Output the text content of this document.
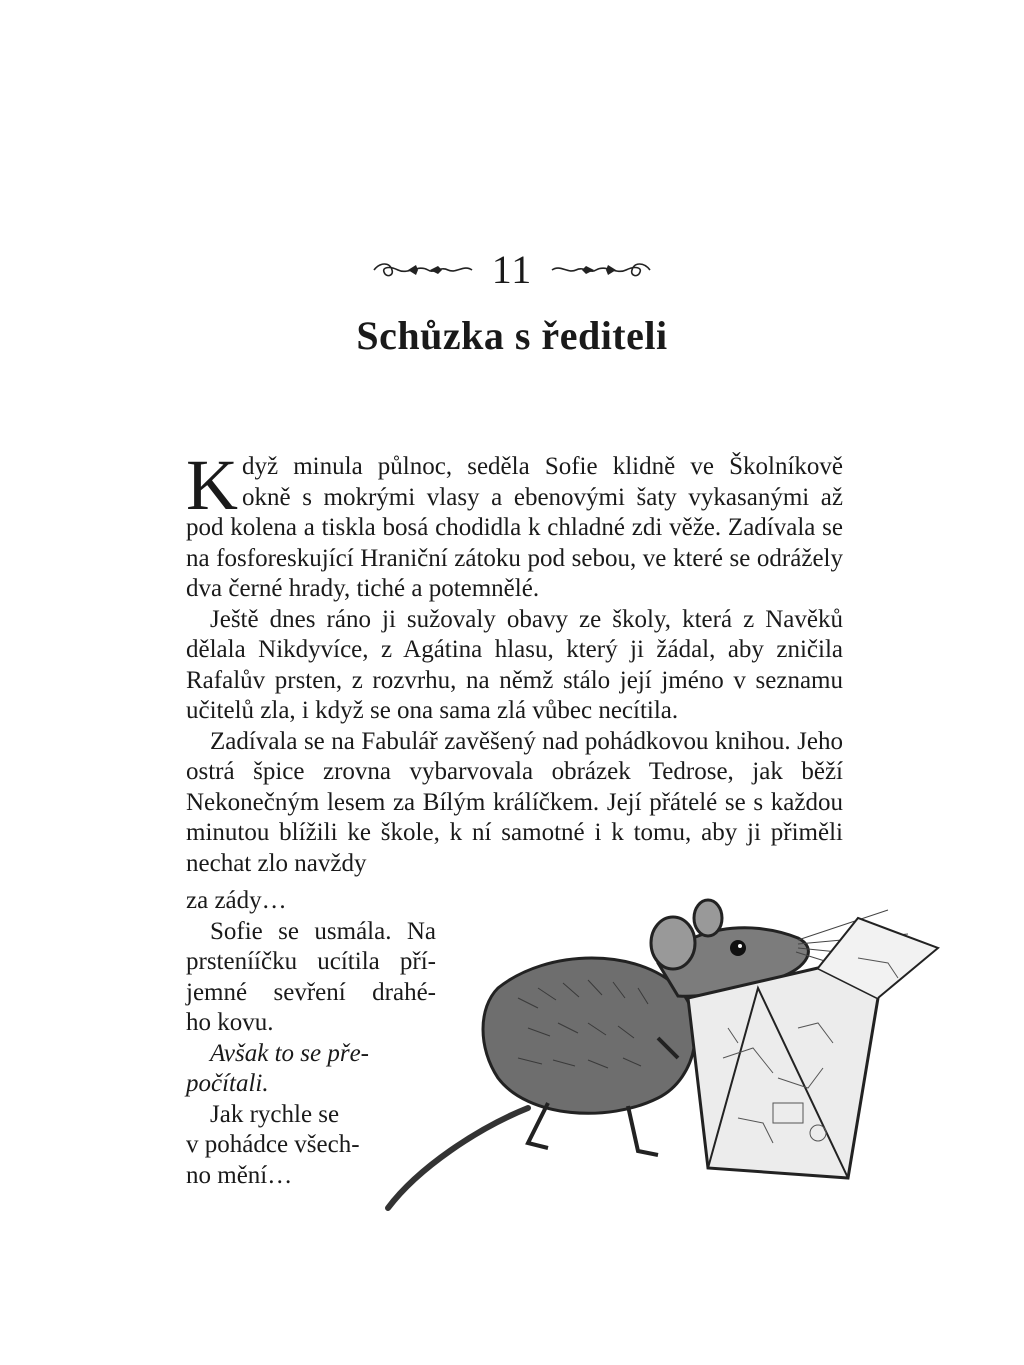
11
Schůzka s řediteli
K dyž minula půlnoc, seděla Sofie klidně ve Školníkově
okně s mokrými vlasy a ebenovými šaty vykasanými až

pod kolena a tiskla bosá chodidla k chladné zdi věže. Zadívala se na fosforeskující Hraniční zátoku pod sebou, ve které se odrážely dva černé hrady, tiché a potemnělé.

Ještě dnes ráno ji sužovaly obavy ze školy, která z Navěků dělala Nikdyvíce, z Agátina hlasu, který ji žádal, aby zničila Rafalův prsten, z rozvrhu, na němž stálo její jméno v seznamu učitelů zla, i když se ona sama zlá vůbec necítila.

Zadívala se na Fabulář zavěšený nad pohádkovou knihou. Jeho ostrá špice zrovna vybarvovala obrázek Tedrose, jak běží Nekonečným lesem za Bílým králíčkem. Její přátelé se s každou minutou blížili ke škole, k ní samotné i k tomu, aby ji přiměli nechat zlo navždy

za zády…
Sofie se usmála. Na
prstenííčku ucítila pří-
jemné sevření drahé-
ho kovu.
Avšak to se pře-
počítali.
Jak rychle se
v pohádce všech-
no mění…
